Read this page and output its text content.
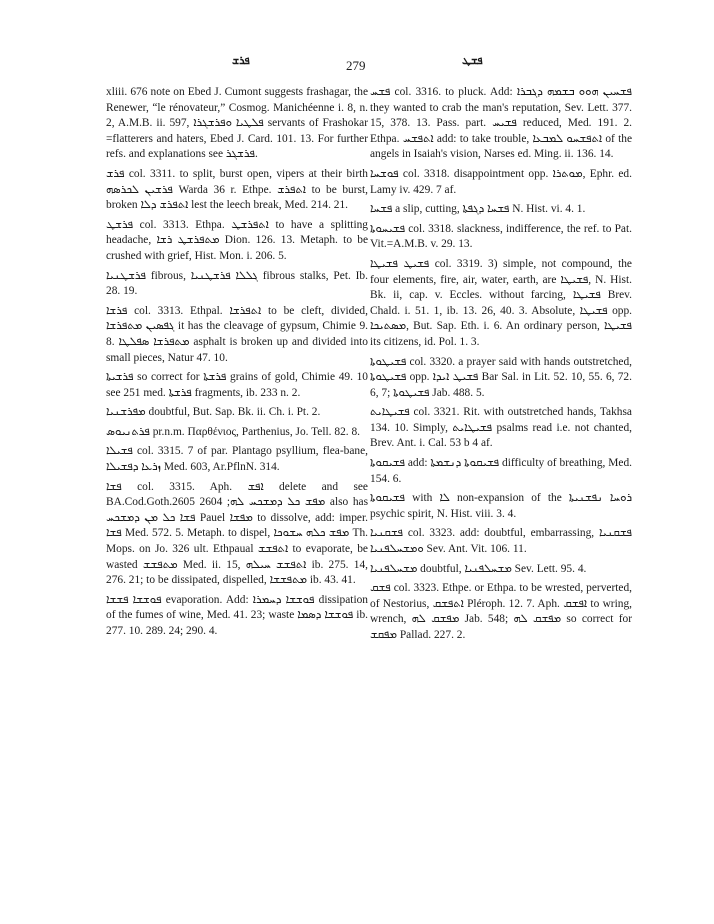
ܦܪܫ	279	ܦܫܛ

xliii. 676 note on Ebed J. Cumont suggests frashagar, the Renewer, “le rénovateur,” Cosmog. Manichéenne i. 8, n. 2, A.M.B. ii. 597, ܦܠܛܝܐ ܘܦܪܫܓܪܐ servants of Frashokar =flatterers and haters, Ebed J. Card. 101. 13. For further refs. and explanations see ܦܪܫܓܪ.

ܦܪܫ col. 3311. to split, burst open, vipers at their birth ܦܪܫܝܢ ܠܟܪܣܗ Warda 36 r. Ethpe. ܐܬܦܪܫ to be burst, broken ܐܬܦܪܫ ܕܠܐ lest the leech break, Med. 214. 21.

ܦܪܫܛ col. 3313. Ethpa. ܐܬܦܪܫܛ to have a splitting headache, ܡܬܦܪܫܛ ܪܫܐ Dion. 126. 13. Metaph. to be crushed with grief, Hist. Mon. i. 206. 5.

ܦܪܫܛܢܝܐ fibrous, ܓܠܠܐ ܦܪܫܛܢܝܐ fibrous stalks, Pet. Ib. 28. 19.

ܦܪܫܐ col. 3313. Ethpal. ܐܬܦܪܫܐ to be cleft, divided, ܓܦܣܝܢ ܡܬܦܪܫܐ it has the cleavage of gypsum, Chimie 9. 8. ܡܬܦܪܫܐ ܣܦܠܛܐ asphalt is broken up and divided into small pieces, Natur 47. 10.

ܦܪܫܝܬܐ so correct for ܦܪܫܬܐ grains of gold, Chimie 49. 10 see 251 med. ܦܪܫܬܐ fragments, ib. 233 n. 2.

ܡܦܪܫܢܝܐ doubtful, But. Sap. Bk. ii. Ch. i. Pt. 2.

ܦܪܬܢܝܘܣ pr.n.m. Παρθένιος, Parthenius, Jo. Tell. 82. 8.

ܦܫܝܠܐ col. 3315. 7 of par. Plantago psyllium, flea-bane, ܙܪܥܐ ܕܦܫܝܠܐ Med. 603, Ar.PflnN. 314.

ܦܫܐ col. 3315. Aph. ܐܦܫ delete and see BA.Cod.Goth.2605 ܡܦܫ ܟܠ ܕܡܫܟܚ ܠܗ; 2604 also has ܦܫܐ ܟܠ ܡܢ ܕܡܫܟܚ Pauel ܡܦܫܐ to dissolve, add: imper. ܦܫܐ Med. 572. 5. Metaph. to dispel, ܡܦܫ ܟܠܗ ܚܫܘܟܐ Th. Mops. on Jo. 326 ult. Ethpaual ܐܬܦܫܫ to evaporate, be wasted ܡܬܦܫܫ Med. ii. 15, ܐܬܦܫܫ ܚܝܠܗ ib. 275. 14, 276. 21; to be dissipated, dispelled, ܡܬܦܫܫܐ ib. 43. 41.

ܦܘܫܫܐ ܦܫܫܐ evaporation. Add: ܦܘܫܫܐ ܕܚܡܪܐ dissipation of the fumes of wine, Med. 41. 23; waste ܦܘܫܫܐ ܕܣܡܐ ib. 277. 10. 289. 24; 290. 4.

ܦܫܚ col. 3316. to pluck. Add: ܦܫܚܝܢ ܗܘܘ ܒܫܡܗ ܕܓܒܪܐ they wanted to crab the man's reputation, Sev. Lett. 377. 15, 378. 13. Pass. part. ܦܫܝܚ reduced, Med. 191. 2. Ethpa. ܐܬܦܫܚ add: to take trouble, ܐܬܦܫܚܘ ܠܡܒܥܐ of the angels in Isaiah's vision, Narses ed. Ming. ii. 136. 14.

ܦܘܫܚܐ col. 3318. disappointment opp. ܡܘܬܪܐ, Ephr. ed. Lamy iv. 429. 7 af.

ܦܫܚܐ a slip, cutting, ܦܫܚܐ ܕܓܦܬܐ N. Hist. vi. 4. 1.

ܦܫܝܚܘܬܐ col. 3318. slackness, indifference, the ref. to Pat. Vit.=A.M.B. v. 29. 13.

ܦܫܝܛ ܦܫܝܛܐ col. 3319. 3) simple, not compound, the four elements, fire, air, water, earth, are ܦܫܝܛܐ, N. Hist. Bk. ii, cap. v. Eccles. without farcing, ܦܫܝܛܐ Brev. Chald. i. 51. 1, ib. 13. 26, 40. 3. Absolute, ܦܫܝܛܐ opp. ܡܣܬܝܟܐ, But. Sap. Eth. i. 6. An ordinary person, ܦܫܝܛܐ its citizens, id. Pol. 1. 3.

ܦܫܝܛܘܬܐ col. 3320. a prayer said with hands outstretched, ܦܫܝܛܘܬܐ opp. ܦܫܝܛ ܐܝܕܐ Bar Sal. in Lit. 52. 10, 55. 6, 72. 6, 7; ܦܫܝܛܘܬܐ Jab. 488. 5.

ܦܫܝܛܐܝܬ col. 3321. Rit. with outstretched hands, Takhsa 134. 10. Simply, ܦܫܝܛܐܝܬ psalms read i.e. not chanted, Brev. Ant. i. Cal. 53 b 4 af.

ܦܫܝܩܘܬܐ add: ܦܫܝܩܘܬܐ ܕܢܫܡܬܐ difficulty of breathing, Med. 154. 6.

ܦܫܝܩܘܬܐ with ܠܐ non-expansion of the ܪܘܚܐ ܢܦܫܢܝܬܐ psychic spirit, N. Hist. viii. 3. 4.

ܦܫܩܢܝܐ col. 3323. add: doubtful, embarrassing, ܦܫܩܢܝܐ ܘܡܫܚܠܦܢܝܐ Sev. Ant. Vit. 106. 11.

ܡܫܚܠܦܢܝܐ doubtful, ܡܫܚܠܦܢܝܐ Sev. Lett. 95. 4.

ܦܫܩ col. 3323. Ethpe. or Ethpa. to be wrested, perverted, of Nestorius, ܐܬܦܫܩ Pléroph. 12. 7. Aph. ܐܦܫܩ to wring, wrench, ܡܦܫܩ ܠܗ Jab. 548; ܡܦܫܩ ܠܗ so correct for ܡܦܩܫ Pallad. 227. 2.
